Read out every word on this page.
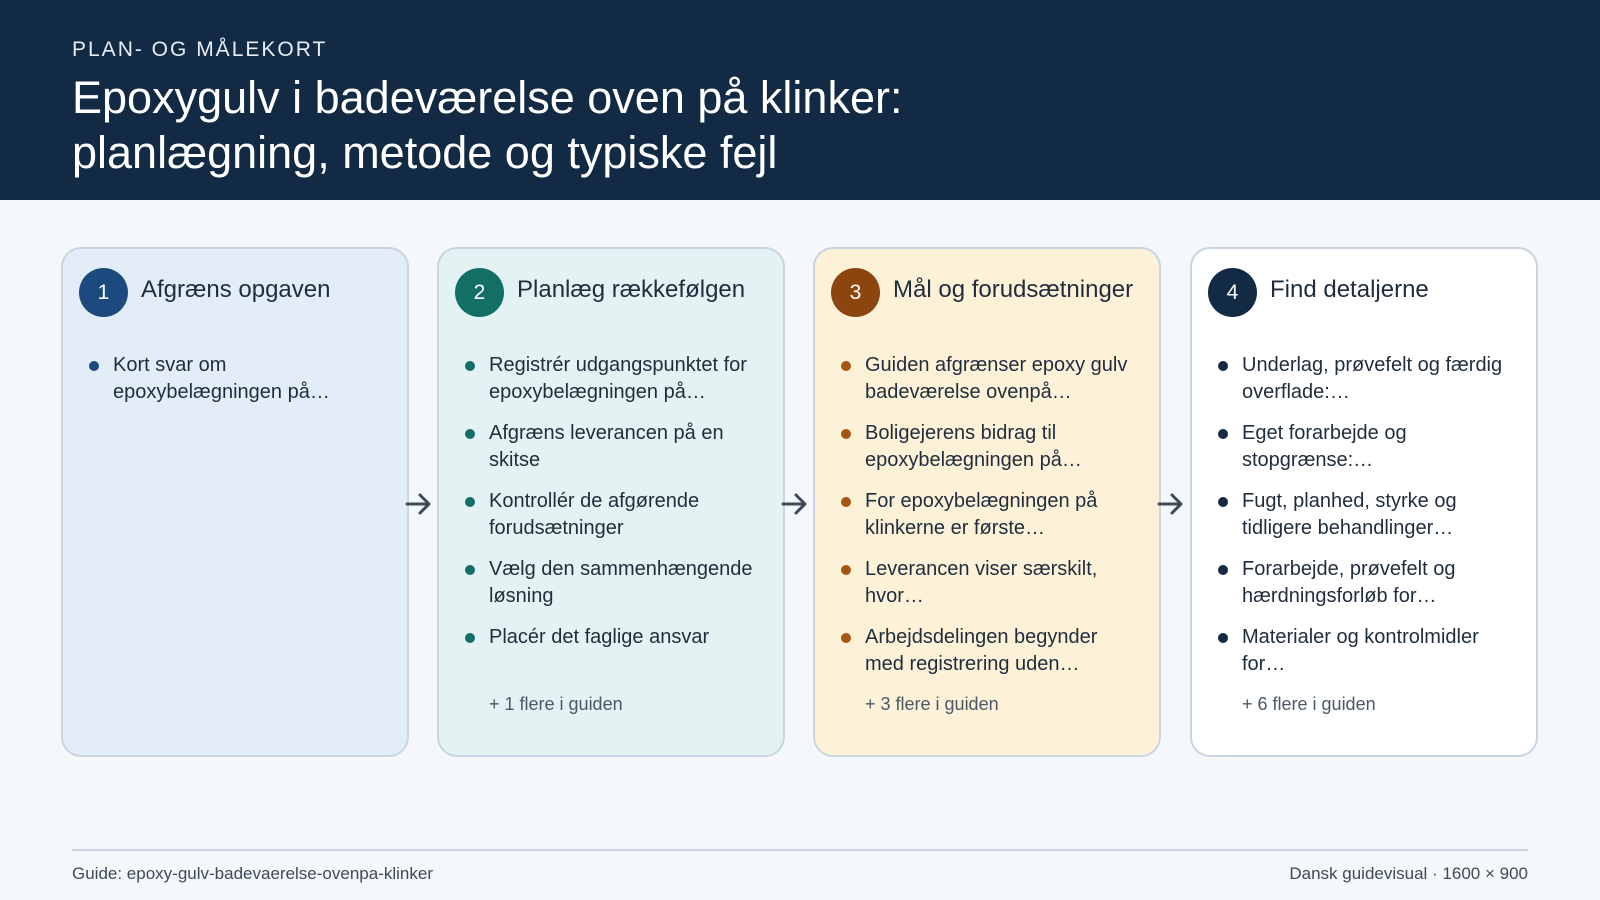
PLAN- OG MÅLEKORT
Epoxygulv i badeværelse oven på klinker:
planlægning, metode og typiske fejl
1	Afgræns opgaven
Kort svar om epoxybelægningen på…
2	Planlæg rækkefølgen
Registrér udgangspunktet for epoxybelægningen på…
Afgræns leverancen på en skitse
Kontrollér de afgørende forudsætninger
Vælg den sammenhængende løsning
Placér det faglige ansvar
+ 1 flere i guiden
3	Mål og forudsætninger
Guiden afgrænser epoxy gulv badeværelse ovenpå…
Boligejerens bidrag til epoxybelægningen på…
For epoxybelægningen på klinkerne er første…
Leverancen viser særskilt, hvor…
Arbejdsdelingen begynder med registrering uden…
+ 3 flere i guiden
4	Find detaljerne
Underlag, prøvefelt og færdig overflade:…
Eget forarbejde og stopgrænse:…
Fugt, planhed, styrke og tidligere behandlinger…
Forarbejde, prøvefelt og hærdningsforløb for…
Materialer og kontrolmidler for…
+ 6 flere i guiden
Guide: epoxy-gulv-badevaerelse-ovenpa-klinker	Dansk guidevisual · 1600 × 900
